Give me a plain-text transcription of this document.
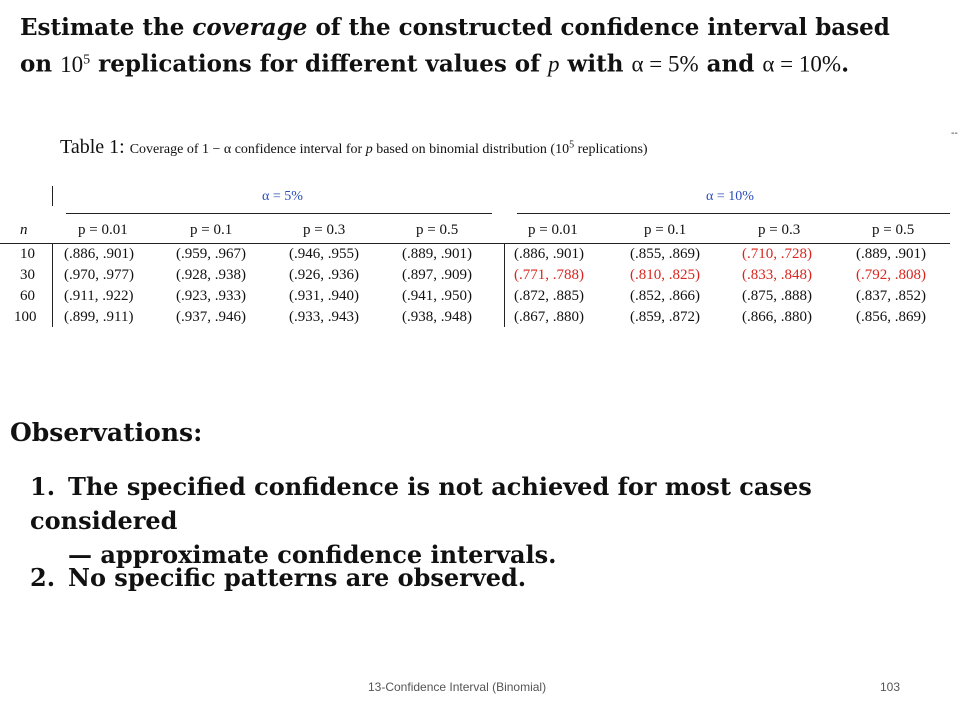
Estimate the coverage of the constructed confidence interval based
on $10^5$ replications for different values of p with α = 5% and α = 10%.
--
Table 1: Coverage of 1 − α confidence interval for p based on binomial distribution ($10^5$ replications)
α = 5%	α = 10%
n	p = 0.01	p = 0.1	p = 0.3	p = 0.5	p = 0.01	p = 0.1	p = 0.3	p = 0.5
10 (.886, .901)	(.959, .967)	(.946, .955)	(.889, .901)	(.886, .901)	(.855, .869)	(.710, .728)	(.889, .901)
30 (.970, .977)	(.928, .938)	(.926, .936)	(.897, .909)	(.771, .788)	(.810, .825)	(.833, .848)	(.792, .808)
60 (.911, .922)	(.923, .933)	(.931, .940)	(.941, .950)	(.872, .885)	(.852, .866)	(.875, .888)	(.837, .852)
100 (.899, .911)	(.937, .946)	(.933, .943)	(.938, .948)	(.867, .880)	(.859, .872)	(.866, .880)	(.856, .869)
Observations:
1. The specified confidence is not achieved for most cases considered
— approximate confidence intervals.
2. No specific patterns are observed.
13-Confidence Interval (Binomial)	103
